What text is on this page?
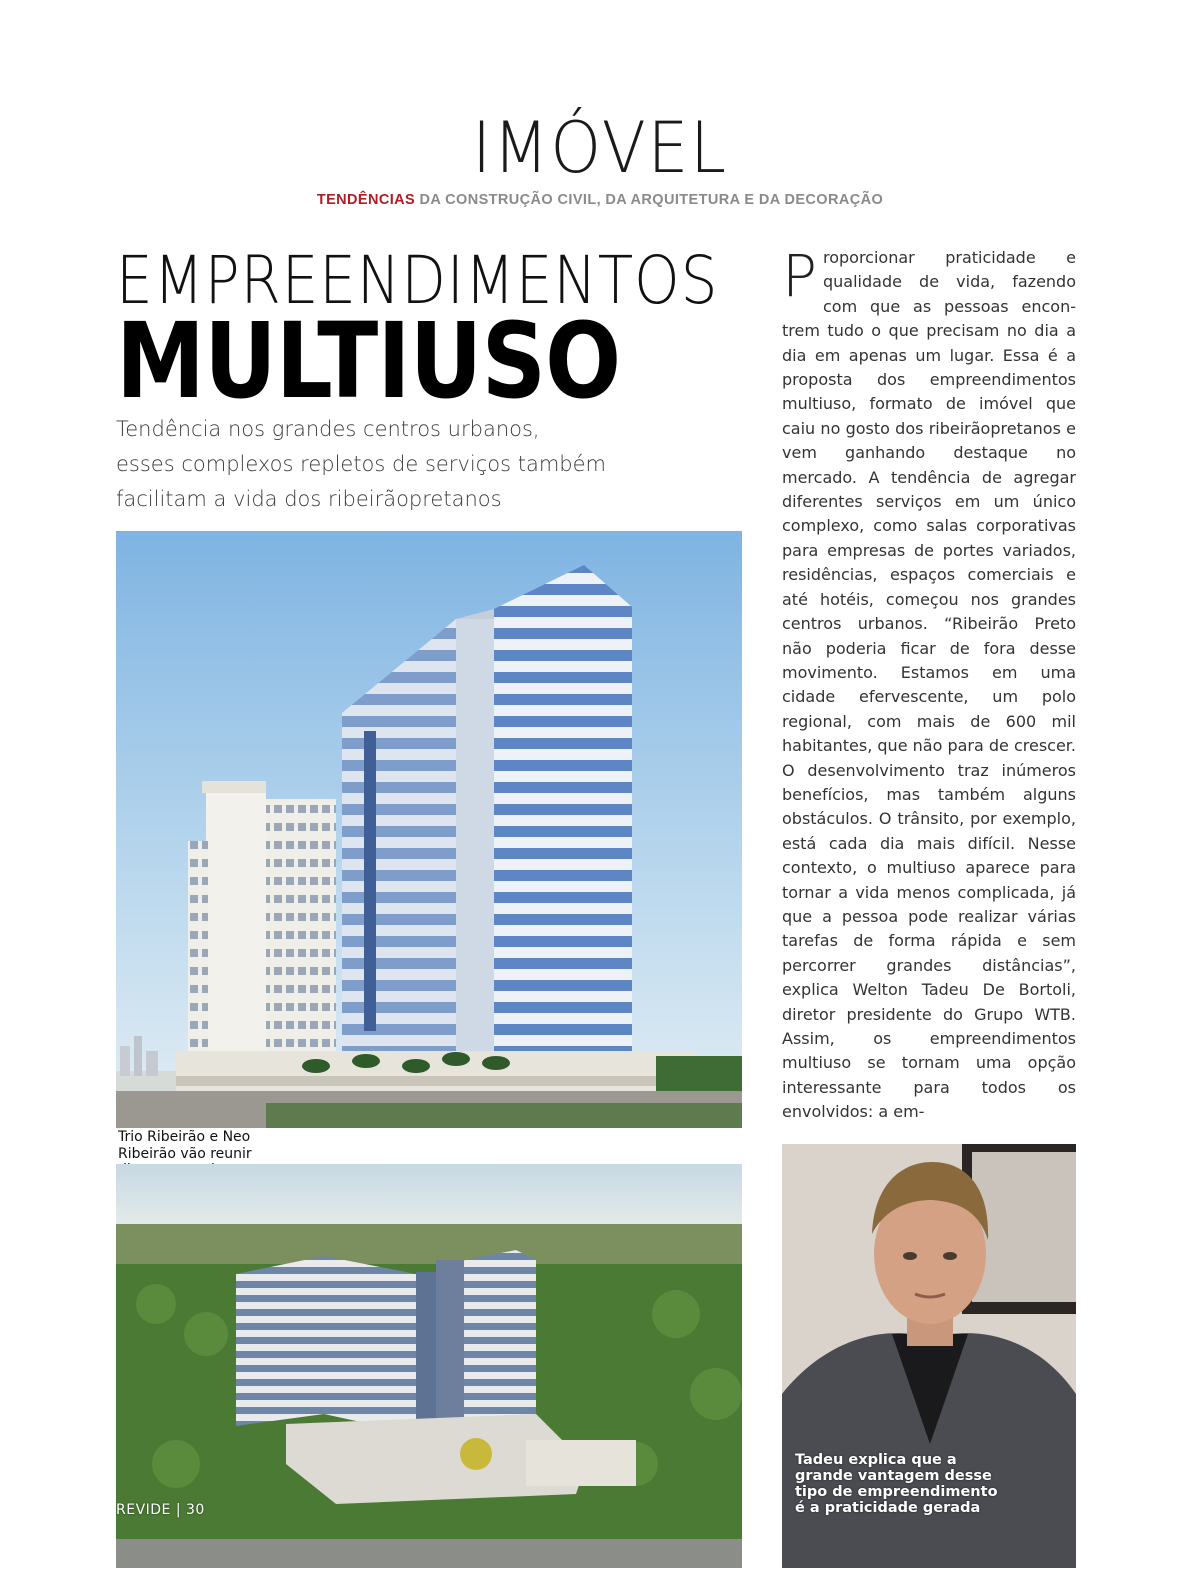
IMÓVEL
TENDÊNCIAS DA CONSTRUÇÃO CIVIL, DA ARQUITETURA E DA DECORAÇÃO
EMPREENDIMENTOS
MULTIUSO
Tendência nos grandes centros urbanos,
esses complexos repletos de serviços também
facilitam a vida dos ribeirãopretanos
Proporcionar praticidade e qualidade de vida, fazendo com que as pessoas encontrem tudo o que precisam no dia a dia em apenas um lugar. Essa é a proposta dos empreendimentos multiuso, formato de imóvel que caiu no gosto dos ribeirãopretanos e vem ganhando destaque no mercado. A tendência de agregar diferentes serviços em um único complexo, como salas corporativas para empresas de portes variados, residências, espaços comerciais e até hotéis, começou nos grandes centros urbanos. “Ribeirão Preto não poderia ficar de fora desse movimento. Estamos em uma cidade efervescente, um polo regional, com mais de 600 mil habitantes, que não para de crescer. O desenvolvimento traz inúmeros benefícios, mas também alguns obstáculos. O trânsito, por exemplo, está cada dia mais difícil. Nesse contexto, o multiuso aparece para tornar a vida menos complicada, já que a pessoa pode realizar várias tarefas de forma rápida e sem percorrer grandes distâncias”, explica Welton Tadeu De Bortoli, diretor presidente do Grupo WTB. Assim, os empreendimentos multiuso se tornam uma opção interessante para todos os envolvidos: a em-
Trio Ribeirão e Neo
Ribeirão vão reunir
Tadeu explica que a
grande vantagem desse
tipo de empreendimento
é a praticidade gerada
REVIDE | 30
